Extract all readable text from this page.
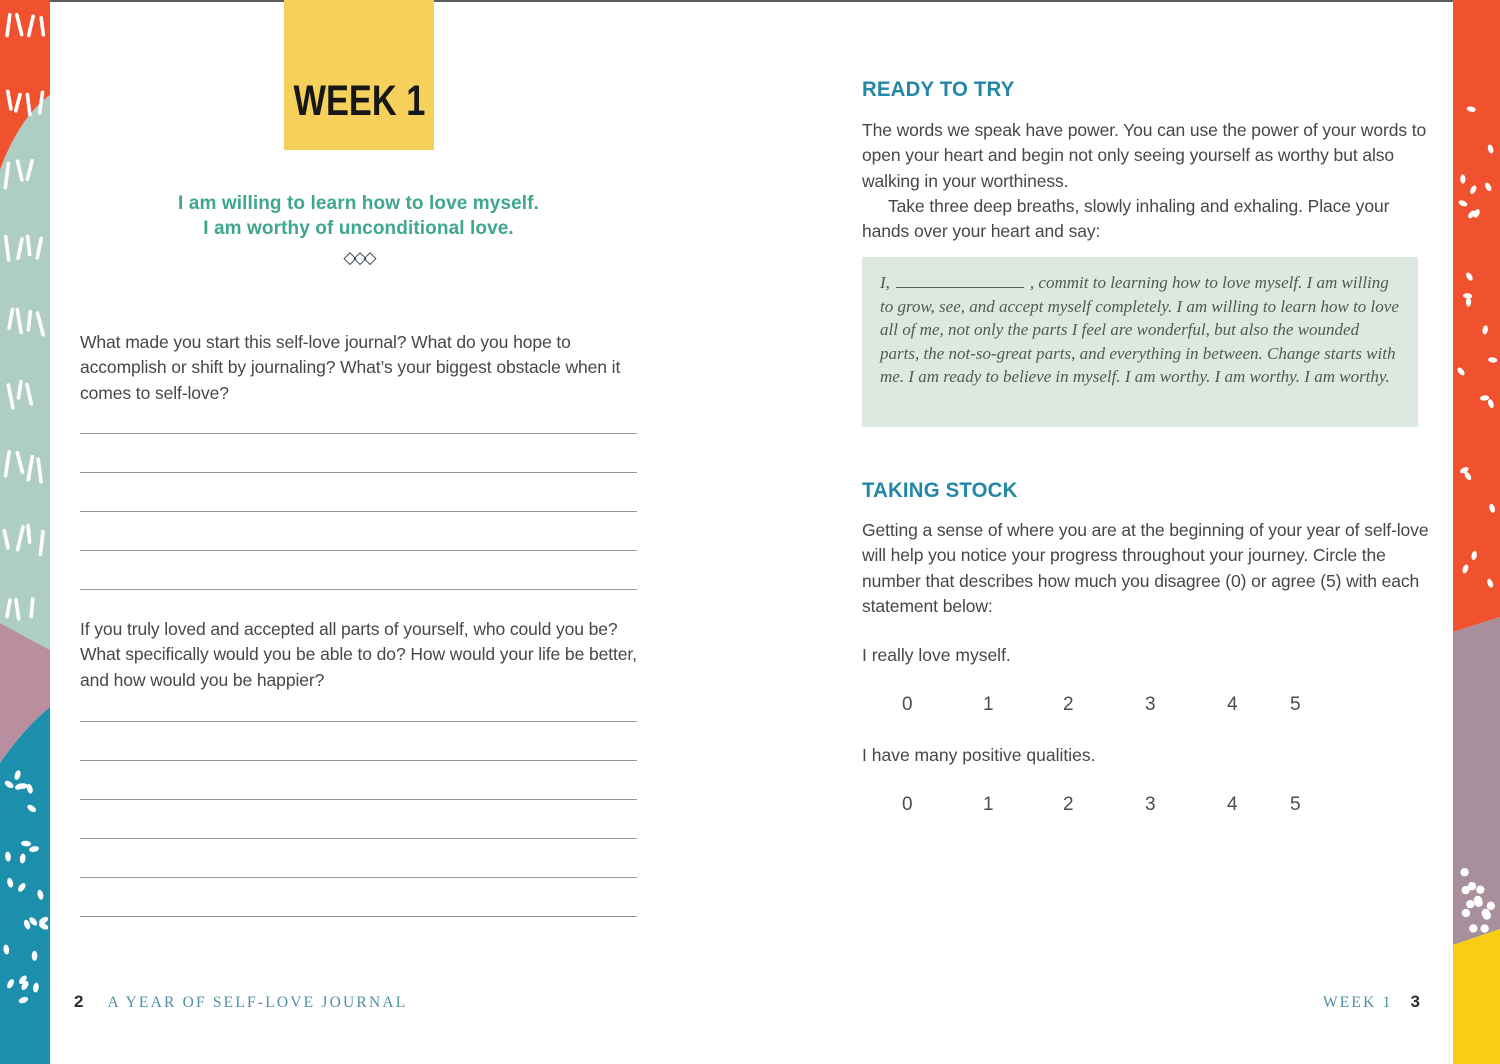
WEEK 1
I am willing to learn how to love myself.
I am worthy of unconditional love.
◇◇◇
What made you start this self-love journal? What do you hope to accomplish or shift by journaling? What’s your biggest obstacle when it comes to self-love?
If you truly loved and accepted all parts of yourself, who could you be? What specifically would you be able to do? How would your life be better, and how would you be happier?
2 A YEAR OF SELF-LOVE JOURNAL
READY TO TRY

The words we speak have power. You can use the power of your words to open your heart and begin not only seeing yourself as worthy but also walking in your worthiness.

Take three deep breaths, slowly inhaling and exhaling. Place your hands over your heart and say:

I,	, commit to learning how to love myself. I am willing to grow, see, and accept myself completely. I am willing to learn how to love all of me, not only the parts I feel are wonderful, but also the wounded parts, the not-so-great parts, and everything in between. Change starts with me. I am ready to believe in myself. I am worthy. I am worthy. I am worthy.
TAKING STOCK
Getting a sense of where you are at the beginning of your year of self-love will help you notice your progress throughout your journey. Circle the number that describes how much you disagree (0) or agree (5) with each statement below:
I really love myself.
0	1	2	3	4	5
I have many positive qualities.
0	1	2	3	4	5
WEEK 1 3
